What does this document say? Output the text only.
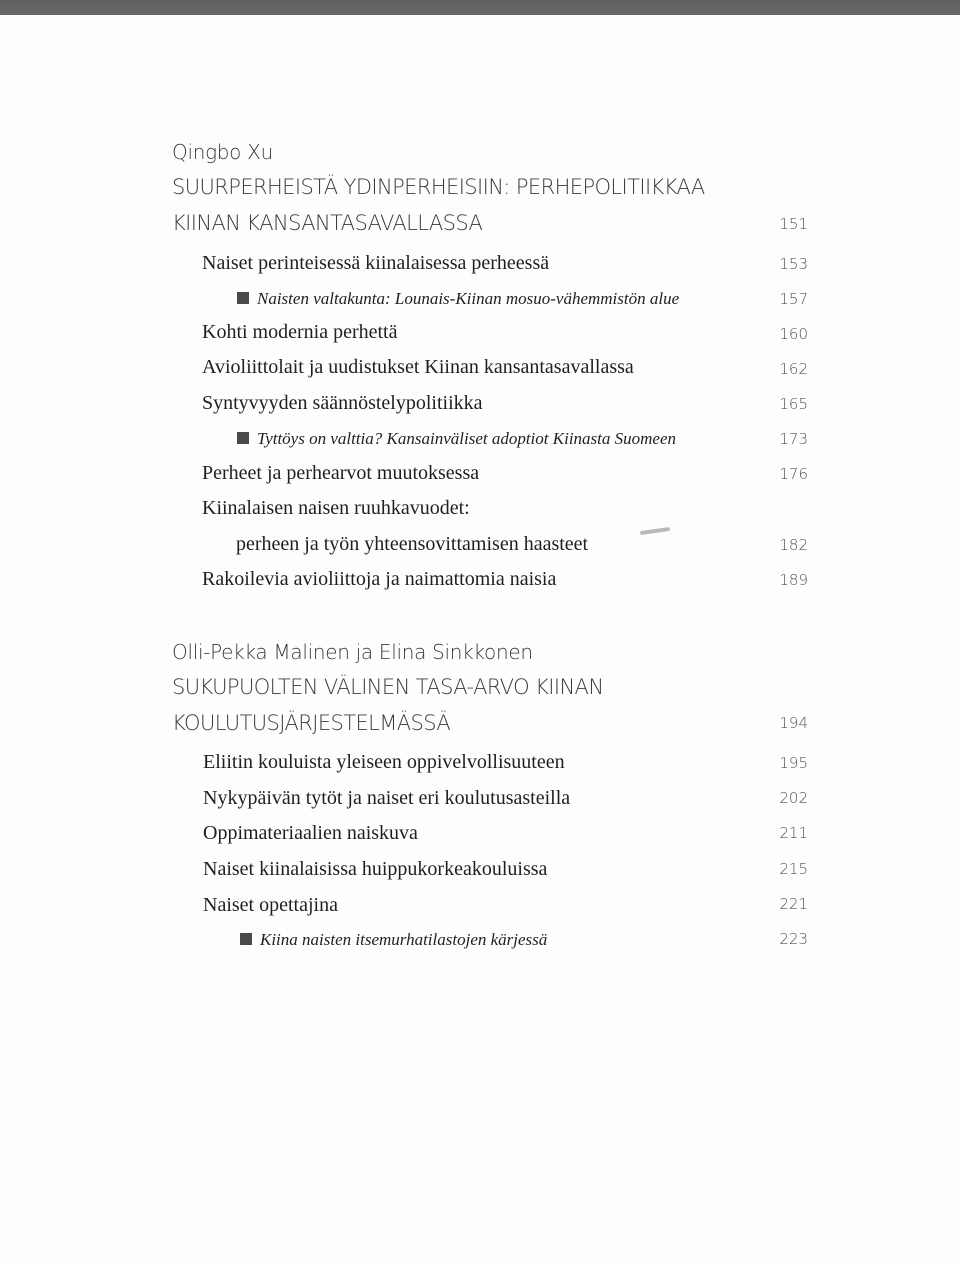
Qingbo Xu
SUURPERHEISTÄ YDINPERHEISIIN: PERHEPOLITIIKKAA
KIINAN KANSANTASAVALLASSA	151
Naiset perinteisessä kiinalaisessa perheessä	153
Naisten valtakunta: Lounais-Kiinan mosuo-vähemmistön alue	157
Kohti modernia perhettä	160
Avioliittolait ja uudistukset Kiinan kansantasavallassa	162
Syntyvyyden säännöstelypolitiikka	165
Tyttöys on valttia? Kansainväliset adoptiot Kiinasta Suomeen	173
Perheet ja perhearvot muutoksessa	176
Kiinalaisen naisen ruuhkavuodet:
perheen ja työn yhteensovittamisen haasteet	182
Rakoilevia avioliittoja ja naimattomia naisia	189
Olli-Pekka Malinen ja Elina Sinkkonen
SUKUPUOLTEN VÄLINEN TASA-ARVO KIINAN
KOULUTUSJÄRJESTELMÄSSÄ	194
Eliitin kouluista yleiseen oppivelvollisuuteen	195
Nykypäivän tytöt ja naiset eri koulutusasteilla	202
Oppimateriaalien naiskuva	211
Naiset kiinalaisissa huippukorkeakouluissa	215
Naiset opettajina	221
Kiina naisten itsemurhatilastojen kärjessä	223
